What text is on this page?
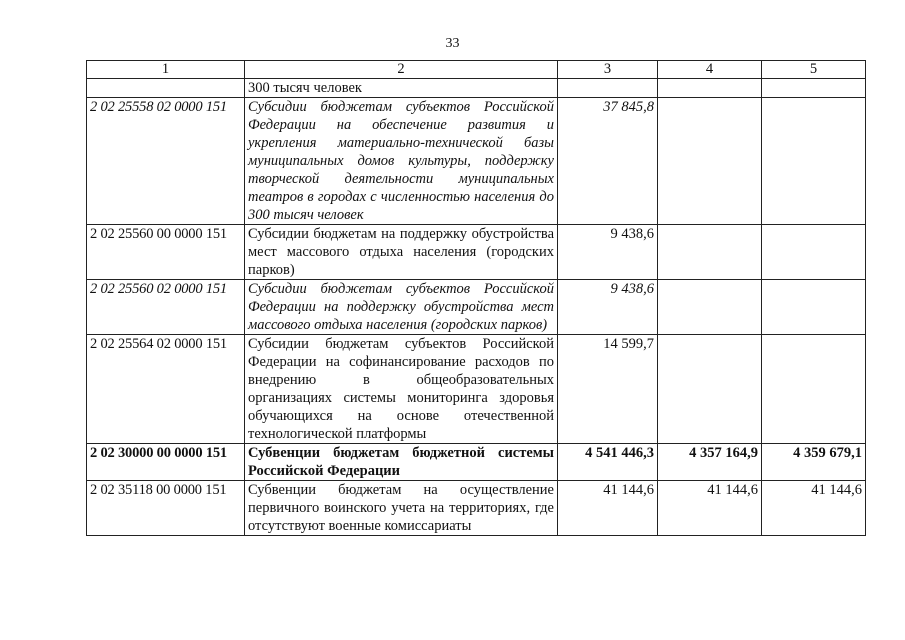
33
1	2	3	4	5
	300 тысяч человек			
2 02 25558 02 0000 151	Субсидии бюджетам субъектов Российской Федерации на обеспечение развития и укрепления материально-технической базы муниципальных домов культуры, поддержку творческой деятельности муниципальных театров в городах с численностью населения до 300 тысяч человек	37 845,8		
2 02 25560 00 0000 151	Субсидии бюджетам на поддержку обустройства мест массового отдыха населения (городских парков)	9 438,6		
2 02 25560 02 0000 151	Субсидии бюджетам субъектов Российской Федерации на поддержку обустройства мест массового отдыха населения (городских парков)	9 438,6		
2 02 25564 02 0000 151	Субсидии бюджетам субъектов Российской Федерации на софинансирование расходов по внедрению в общеобразовательных организациях системы мониторинга здоровья обучающихся на основе отечественной технологической платформы	14 599,7		
2 02 30000 00 0000 151	Субвенции бюджетам бюджетной системы Российской Федерации	4 541 446,3	4 357 164,9	4 359 679,1
2 02 35118 00 0000 151	Субвенции бюджетам на осуществление первичного воинского учета на территориях, где отсутствуют военные комиссариаты	41 144,6	41 144,6	41 144,6
